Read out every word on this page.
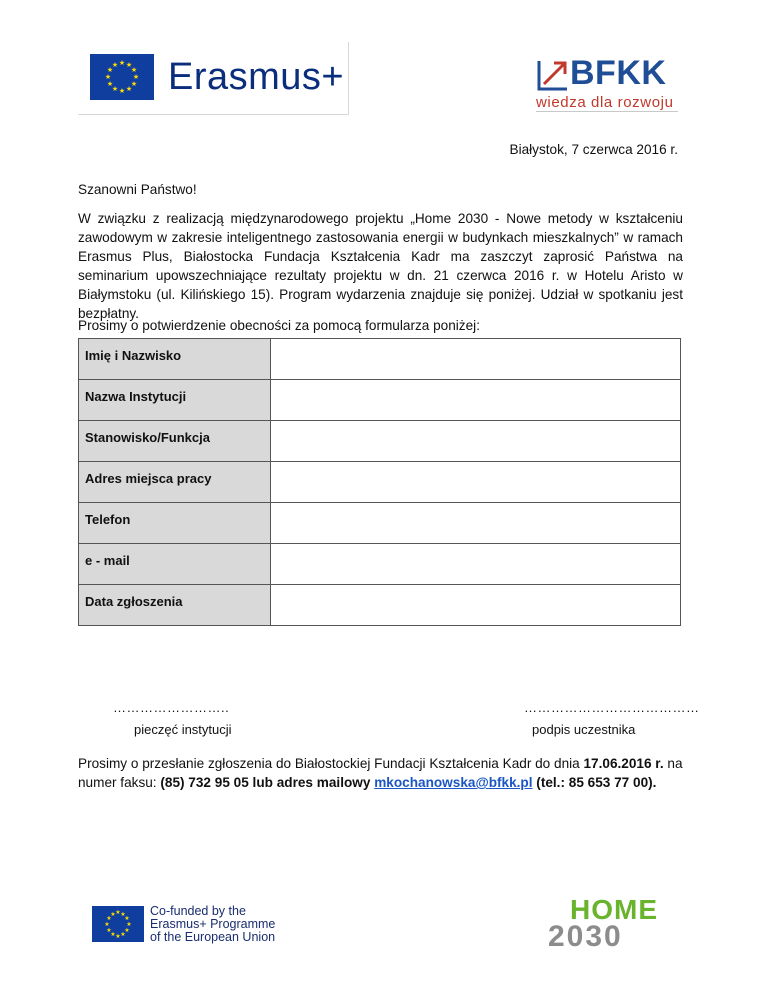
★ ★
★
★
★
★
★
★
★
★
★
★ Erasmus+	BFKK
wiedza dla rozwoju
Białystok, 7 czerwca 2016 r.
Szanowni Państwo!
W związku z realizacją międzynarodowego projektu „Home 2030 - Nowe metody w kształceniu zawodowym w zakresie inteligentnego zastosowania energii w budynkach mieszkalnych” w ramach Erasmus Plus, Białostocka Fundacja Kształcenia Kadr ma zaszczyt zaprosić Państwa na seminarium upowszechniające rezultaty projektu w dn. 21 czerwca 2016 r. w Hotelu Aristo w Białymstoku (ul. Kilińskiego 15). Program wydarzenia znajduje się poniżej. Udział w spotkaniu jest bezpłatny.
Prosimy o potwierdzenie obecności za pomocą formularza poniżej:
Imię i Nazwisko	
Nazwa Instytucji	
Stanowisko/Funkcja	
Adres miejsca pracy	
Telefon	
e - mail	
Data zgłoszenia	
……………………..	…………………………………
pieczęć instytucji	podpis uczestnika
Prosimy o przesłanie zgłoszenia do Białostockiej Fundacji Kształcenia Kadr do dnia 17.06.2016 r. na numer faksu: (85) 732 95 05 lub adres mailowy mkochanowska@bfkk.pl (tel.: 85 653 77 00).
★ ★
★
★
★
★
★
★
★
★
★
★	Co-funded by the
Erasmus+ Programme
of the European Union
HOME
2030
